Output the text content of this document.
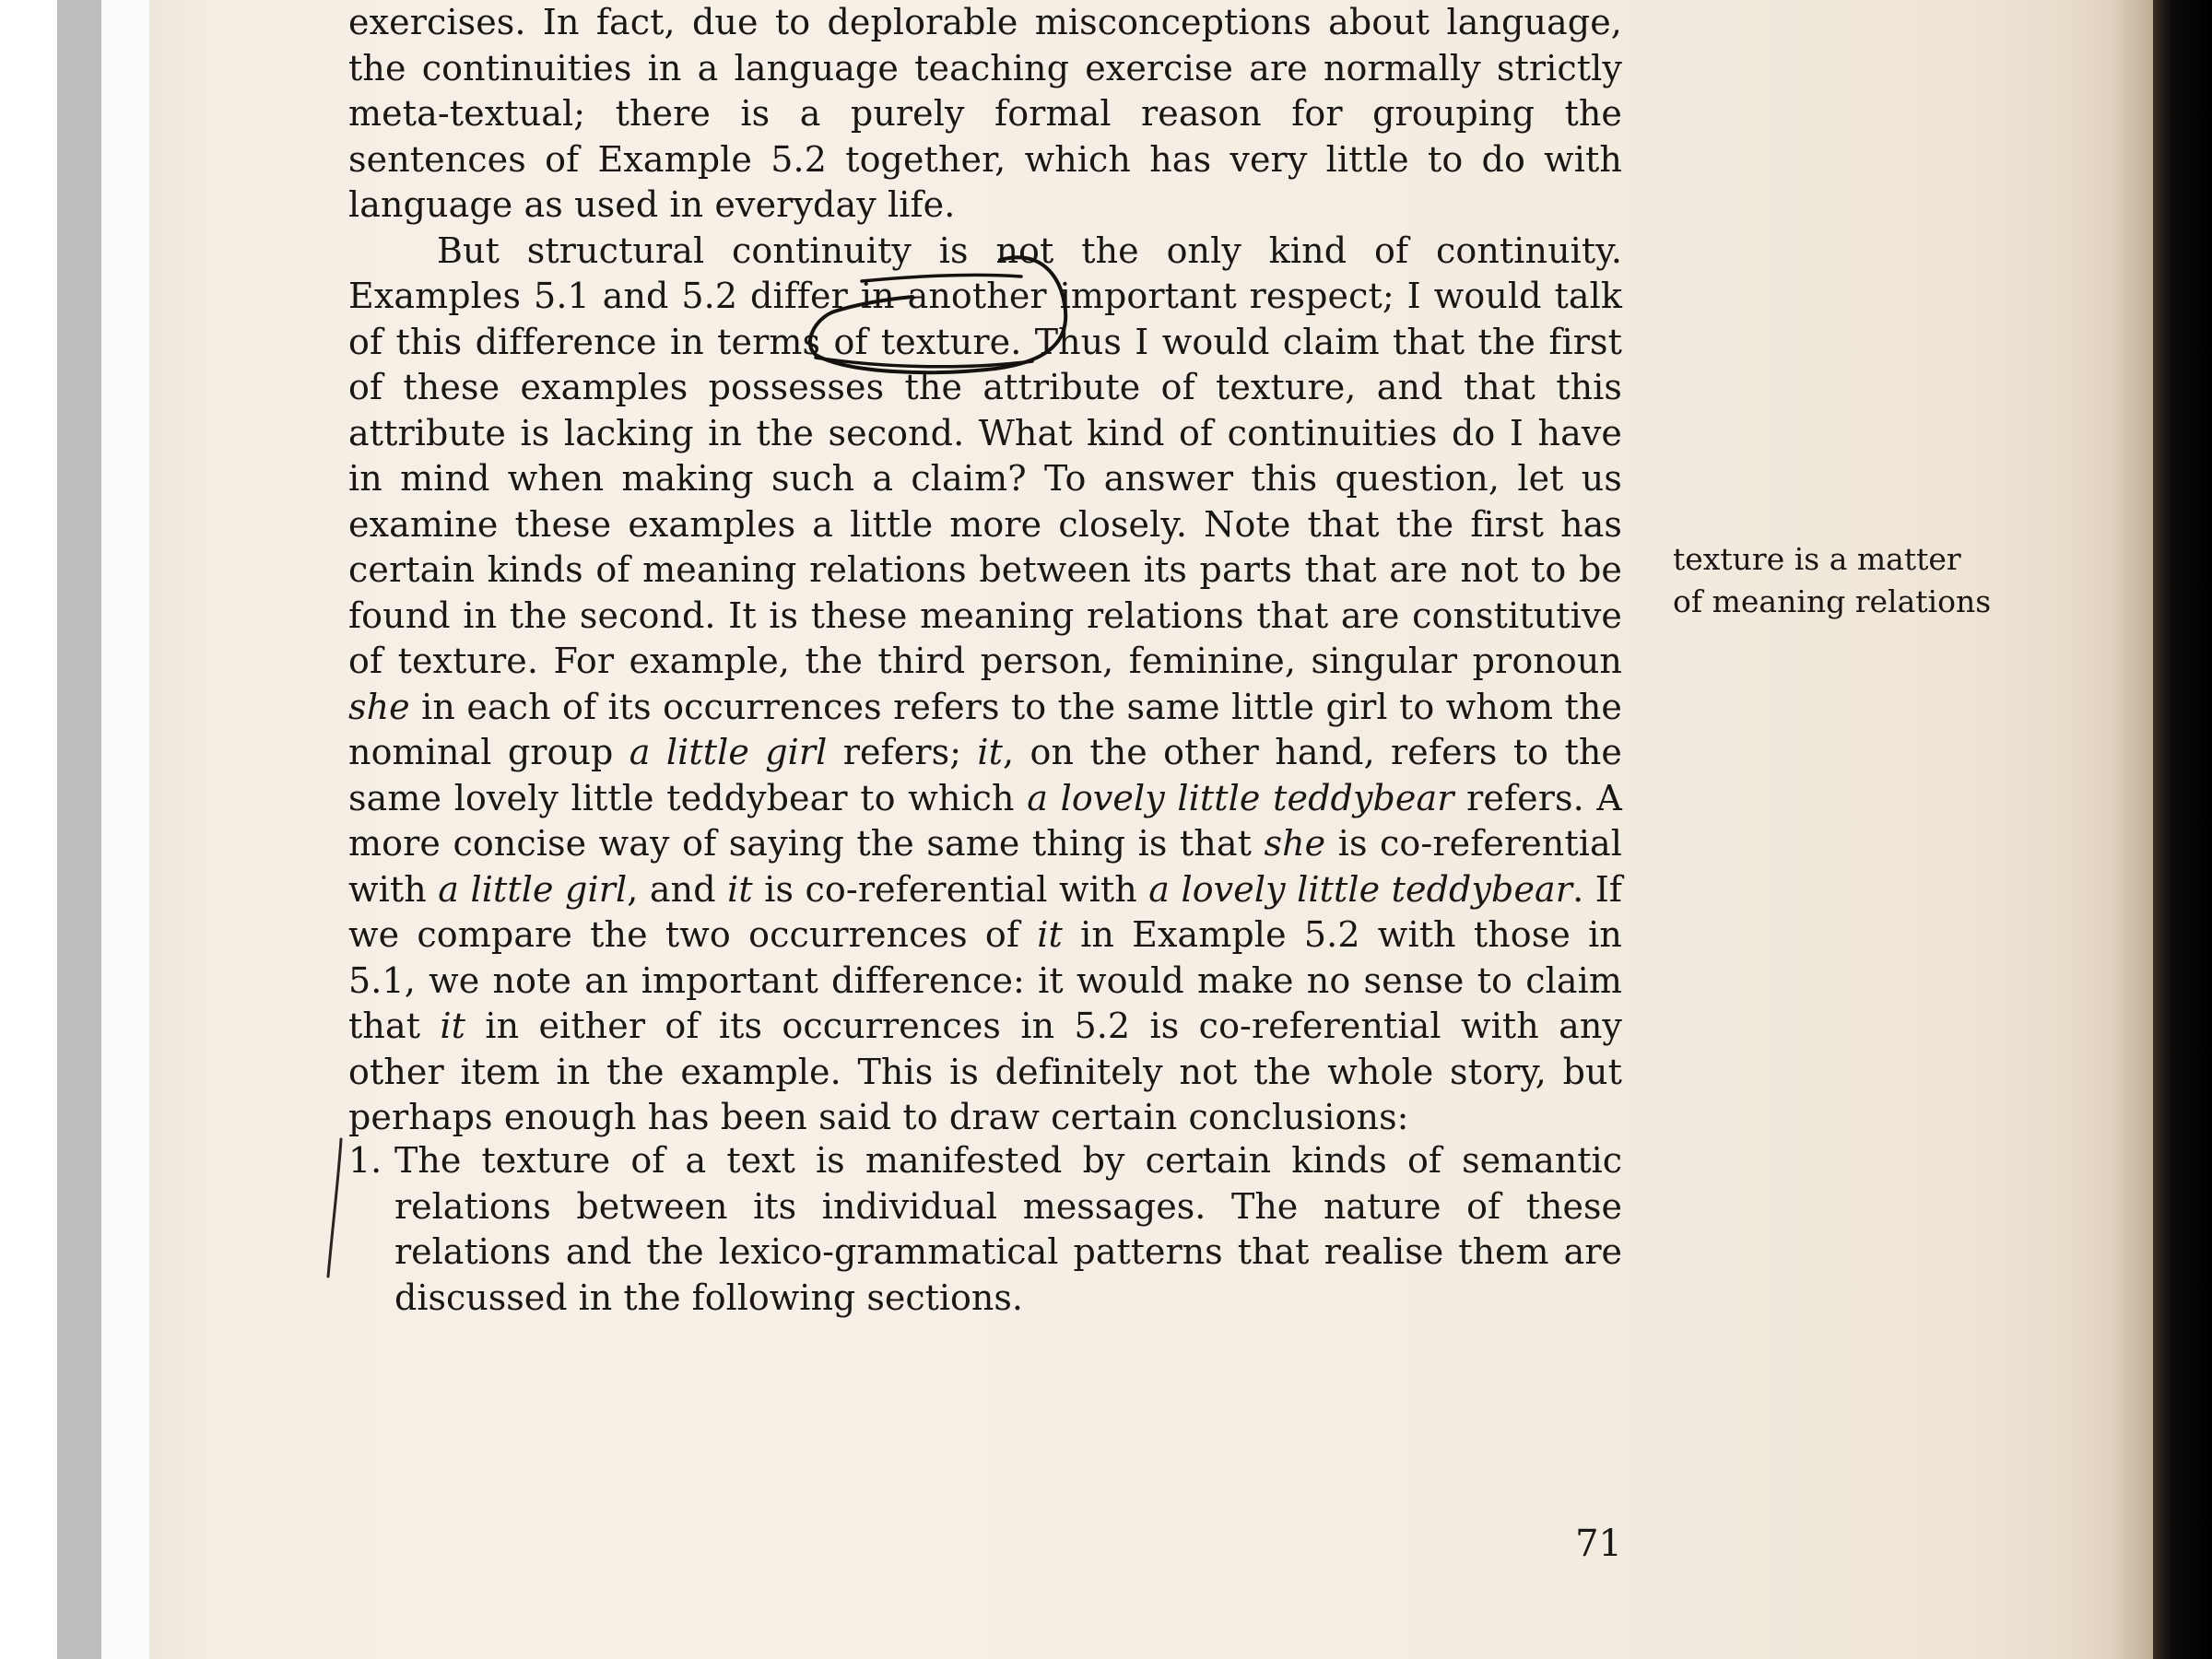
exercises. In fact, due to deplorable misconceptions about language, the continuities in a language teaching exercise are normally strictly meta-textual; there is a purely formal reason for grouping the sentences of Example 5.2 together, which has very little to do with language as used in everyday life.

But structural continuity is not the only kind of continuity. Examples 5.1 and 5.2 differ in another important respect; I would talk of this difference in terms of texture. Thus I would claim that the first of these examples possesses the attribute of texture, and that this attribute is lacking in the second. What kind of continuities do I have in mind when making such a claim? To answer this question, let us examine these examples a little more closely. Note that the first has certain kinds of meaning relations between its parts that are not to be found in the second. It is these meaning relations that are constitutive of texture. For example, the third person, feminine, singular pronoun she in each of its occurrences refers to the same little girl to whom the nominal group a little girl refers; it, on the other hand, refers to the same lovely little teddybear to which a lovely little teddybear refers. A more concise way of saying the same thing is that she is co-referential with a little girl, and it is co-referential with a lovely little teddybear. If we compare the two occurrences of it in Example 5.2 with those in 5.1, we note an important difference: it would make no sense to claim that it in either of its occurrences in 5.2 is co-referential with any other item in the example. This is definitely not the whole story, but perhaps enough has been said to draw certain conclusions:

1. The texture of a text is manifested by certain kinds of semantic relations between its individual messages. The nature of these relations and the lexico-grammatical patterns that realise them are discussed in the following sections.
texture is a matter
of meaning relations
71
